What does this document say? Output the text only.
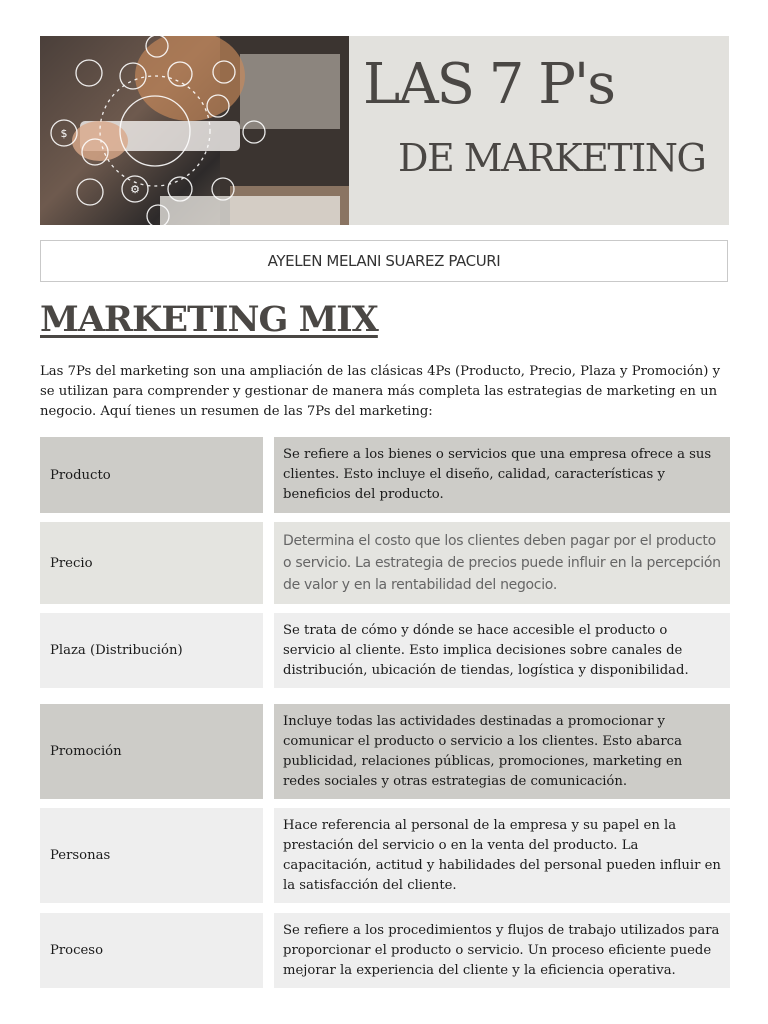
$
⚙
LAS 7 P's
DE MARKETING
AYELEN MELANI SUAREZ PACURI
MARKETING MIX
Las 7Ps del marketing son una ampliación de las clásicas 4Ps (Producto, Precio, Plaza y Promoción) y se utilizan para comprender y gestionar de manera más completa las estrategias de marketing en un negocio. Aquí tienes un resumen de las 7Ps del marketing:
Producto
Se refiere a los bienes o servicios que una empresa ofrece a sus clientes. Esto incluye el diseño, calidad, características y beneficios del producto.
Precio
Determina el costo que los clientes deben pagar por el producto o servicio. La estrategia de precios puede influir en la percepción de valor y en la rentabilidad del negocio.
Plaza (Distribución)
Se trata de cómo y dónde se hace accesible el producto o servicio al cliente. Esto implica decisiones sobre canales de distribución, ubicación de tiendas, logística y disponibilidad.
Promoción
Incluye todas las actividades destinadas a promocionar y comunicar el producto o servicio a los clientes. Esto abarca publicidad, relaciones públicas, promociones, marketing en redes sociales y otras estrategias de comunicación.
Personas
Hace referencia al personal de la empresa y su papel en la prestación del servicio o en la venta del producto. La capacitación, actitud y habilidades del personal pueden influir en la satisfacción del cliente.
Proceso
Se refiere a los procedimientos y flujos de trabajo utilizados para proporcionar el producto o servicio. Un proceso eficiente puede mejorar la experiencia del cliente y la eficiencia operativa.
